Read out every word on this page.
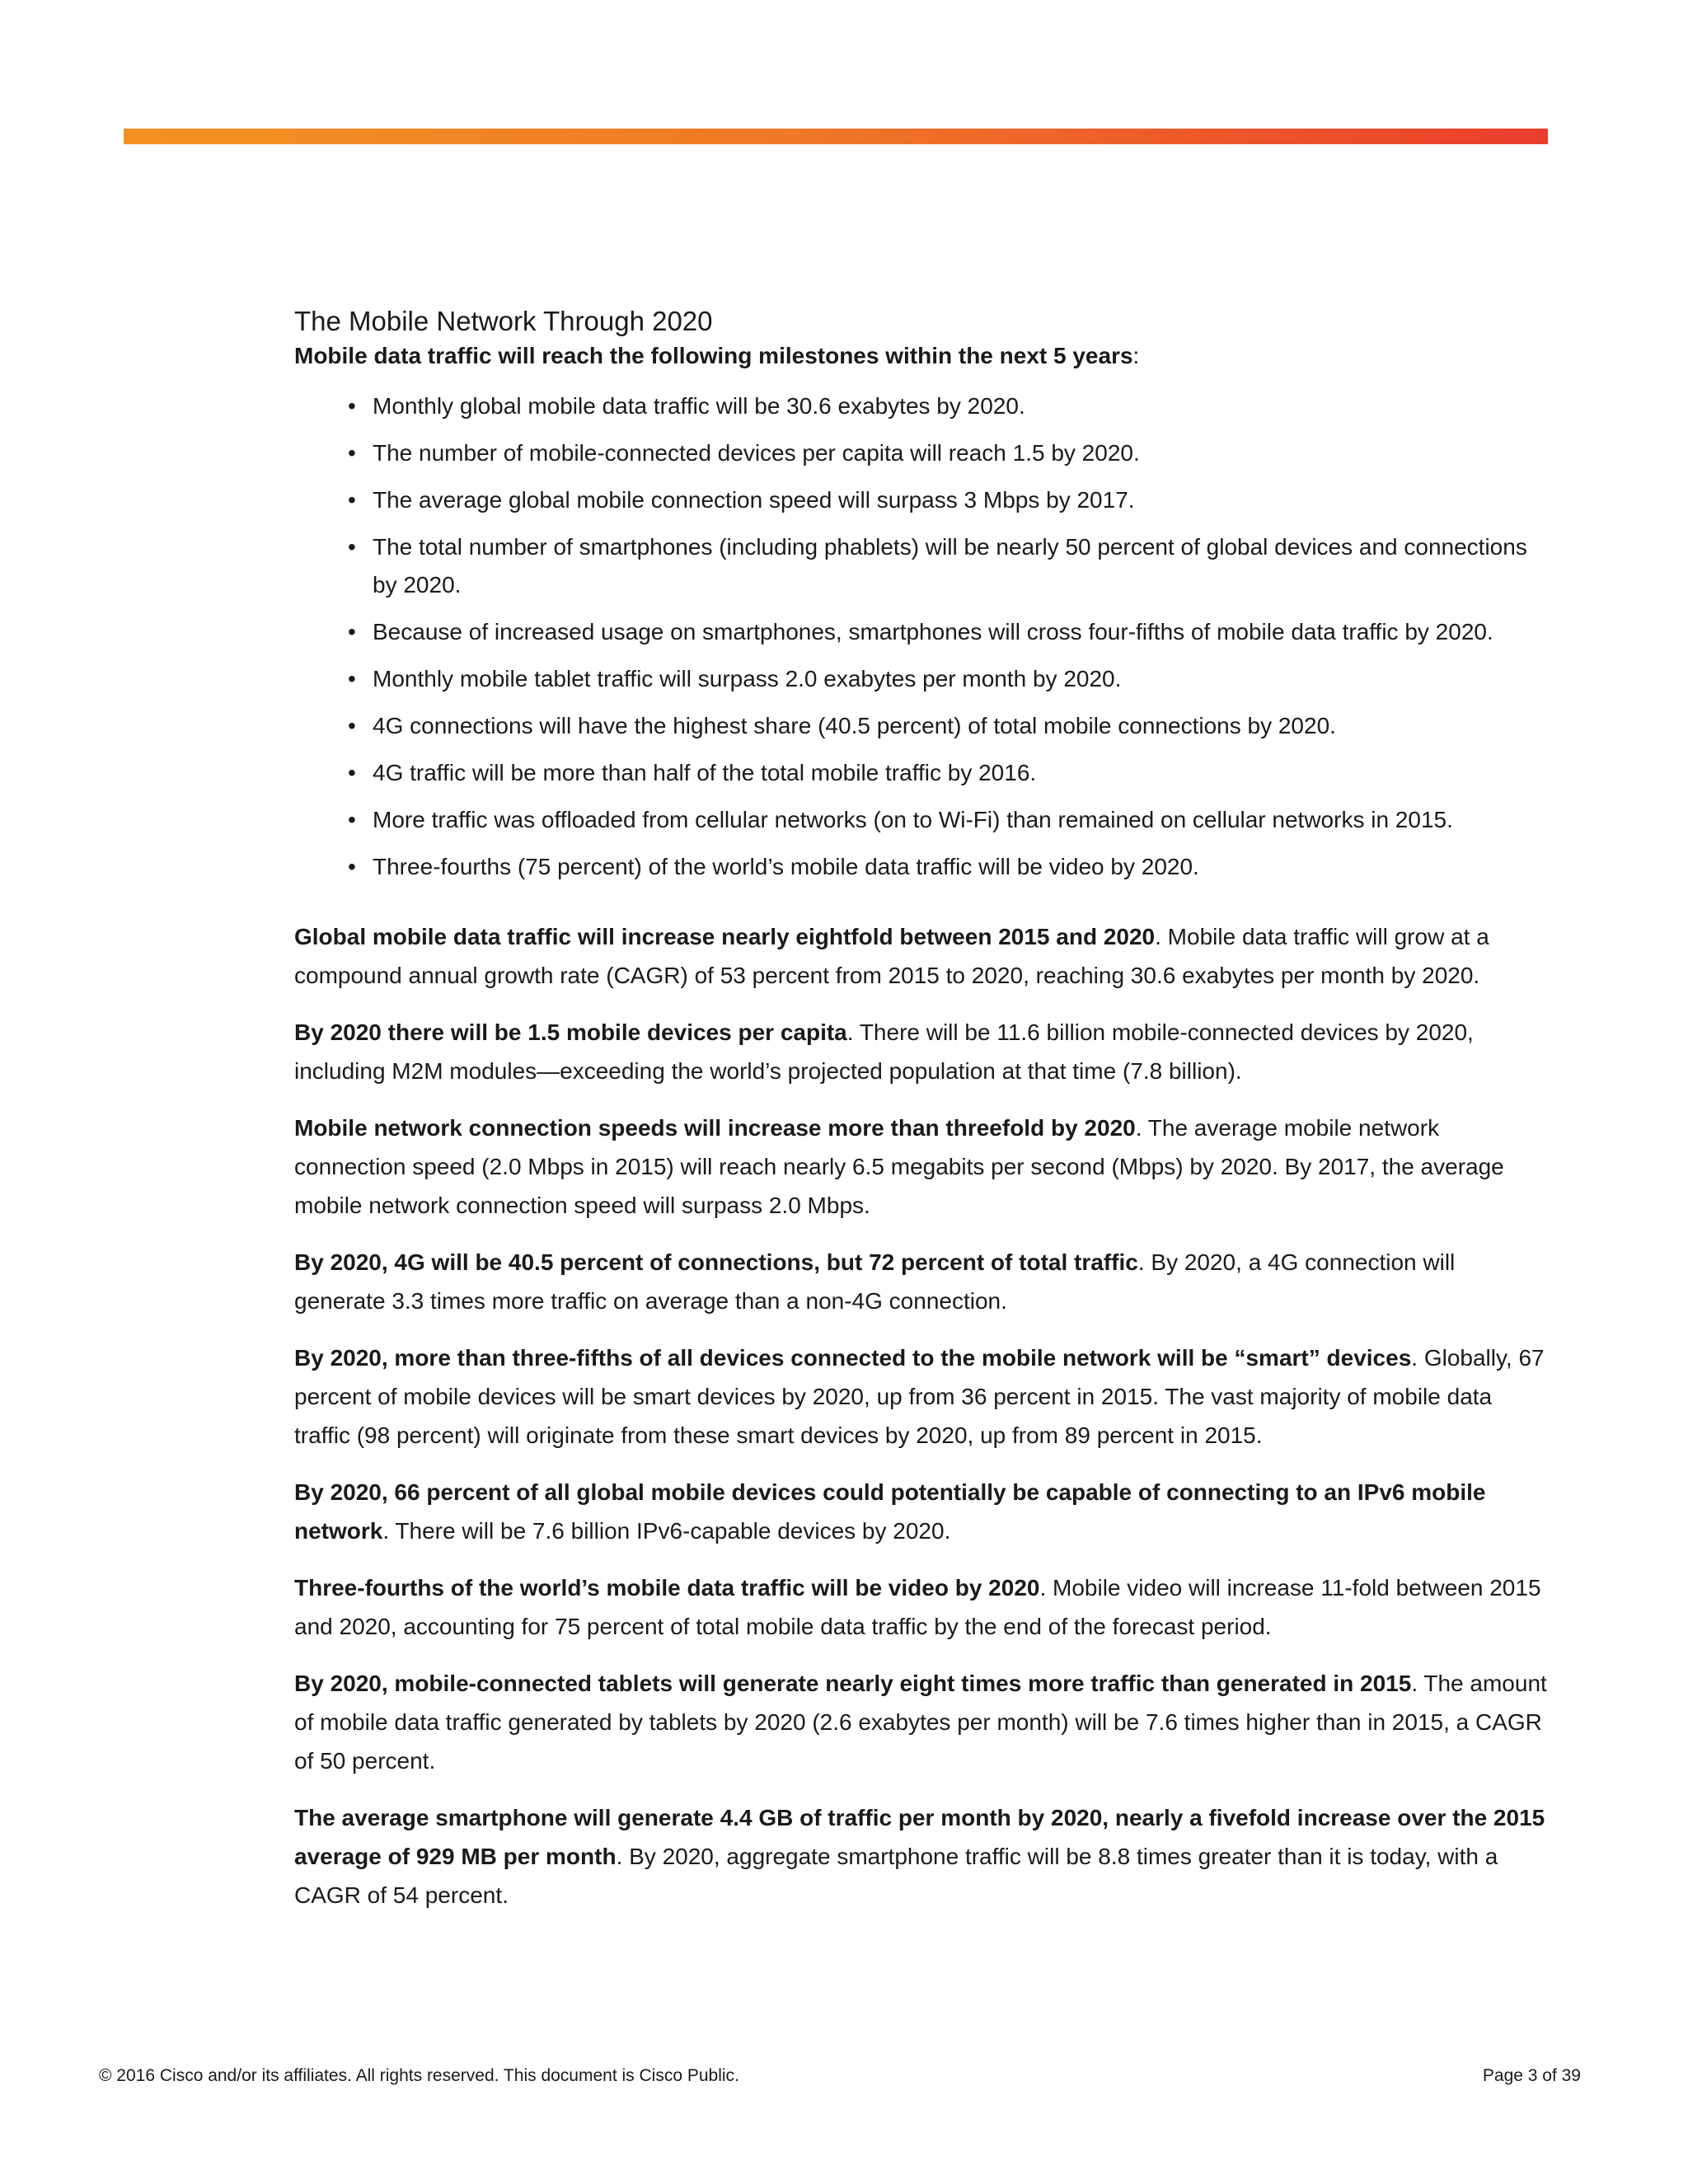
The Mobile Network Through 2020

Mobile data traffic will reach the following milestones within the next 5 years:

• Monthly global mobile data traffic will be 30.6 exabytes by 2020.
• The number of mobile-connected devices per capita will reach 1.5 by 2020.
• The average global mobile connection speed will surpass 3 Mbps by 2017.
• The total number of smartphones (including phablets) will be nearly 50 percent of global devices and connections by 2020.
• Because of increased usage on smartphones, smartphones will cross four-fifths of mobile data traffic by 2020.
• Monthly mobile tablet traffic will surpass 2.0 exabytes per month by 2020.
• 4G connections will have the highest share (40.5 percent) of total mobile connections by 2020.
• 4G traffic will be more than half of the total mobile traffic by 2016.
• More traffic was offloaded from cellular networks (on to Wi-Fi) than remained on cellular networks in 2015.
• Three-fourths (75 percent) of the world’s mobile data traffic will be video by 2020.

Global mobile data traffic will increase nearly eightfold between 2015 and 2020. Mobile data traffic will grow at a compound annual growth rate (CAGR) of 53 percent from 2015 to 2020, reaching 30.6 exabytes per month by 2020.

By 2020 there will be 1.5 mobile devices per capita. There will be 11.6 billion mobile-connected devices by 2020, including M2M modules—exceeding the world’s projected population at that time (7.8 billion).

Mobile network connection speeds will increase more than threefold by 2020. The average mobile network connection speed (2.0 Mbps in 2015) will reach nearly 6.5 megabits per second (Mbps) by 2020. By 2017, the average mobile network connection speed will surpass 2.0 Mbps.

By 2020, 4G will be 40.5 percent of connections, but 72 percent of total traffic. By 2020, a 4G connection will generate 3.3 times more traffic on average than a non-4G connection.

By 2020, more than three-fifths of all devices connected to the mobile network will be “smart” devices. Globally, 67 percent of mobile devices will be smart devices by 2020, up from 36 percent in 2015. The vast majority of mobile data traffic (98 percent) will originate from these smart devices by 2020, up from 89 percent in 2015.

By 2020, 66 percent of all global mobile devices could potentially be capable of connecting to an IPv6 mobile network. There will be 7.6 billion IPv6-capable devices by 2020.

Three-fourths of the world’s mobile data traffic will be video by 2020. Mobile video will increase 11-fold between 2015 and 2020, accounting for 75 percent of total mobile data traffic by the end of the forecast period.

By 2020, mobile-connected tablets will generate nearly eight times more traffic than generated in 2015. The amount of mobile data traffic generated by tablets by 2020 (2.6 exabytes per month) will be 7.6 times higher than in 2015, a CAGR of 50 percent.

The average smartphone will generate 4.4 GB of traffic per month by 2020, nearly a fivefold increase over the 2015 average of 929 MB per month. By 2020, aggregate smartphone traffic will be 8.8 times greater than it is today, with a CAGR of 54 percent.

© 2016 Cisco and/or its affiliates. All rights reserved. This document is Cisco Public.	Page 3 of 39
